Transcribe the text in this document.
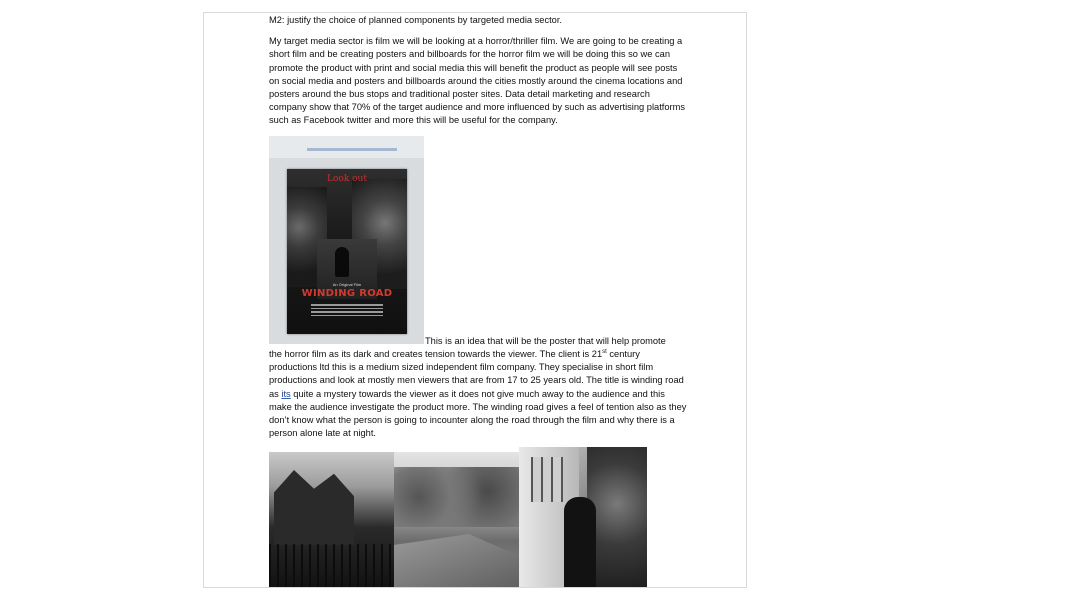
M2: justify the choice of planned components by targeted media sector.

My target media sector is film we will be looking at a horror/thriller film. We are going to be creating a short film and be creating posters and billboards for the horror film we will be doing this so we can promote the product with print and social media this will benefit the product as people will see posts on social media and posters and billboards around the cities mostly around the cinema locations and posters around the bus stops and traditional poster sites. Data detail marketing and research company show that 70% of the target audience and more influenced by such as advertising platforms such as Facebook twitter and more this will be useful for the company.

Look out
An Original Film
WINDING ROAD
This is an idea that will be the poster that will help promote
the horror film as its dark and creates tension towards the viewer. The client is 21st century productions ltd this is a medium sized independent film company. They specialise in short film productions and look at mostly men viewers that are from 17 to 25 years old. The title is winding road as its quite a mystery towards the viewer as it does not give much away to the audience and this make the audience investigate the product more. The winding road gives a feel of tention also as they don’t know what the person is going to incounter along the road through the film and why there is a person alone late at night.
